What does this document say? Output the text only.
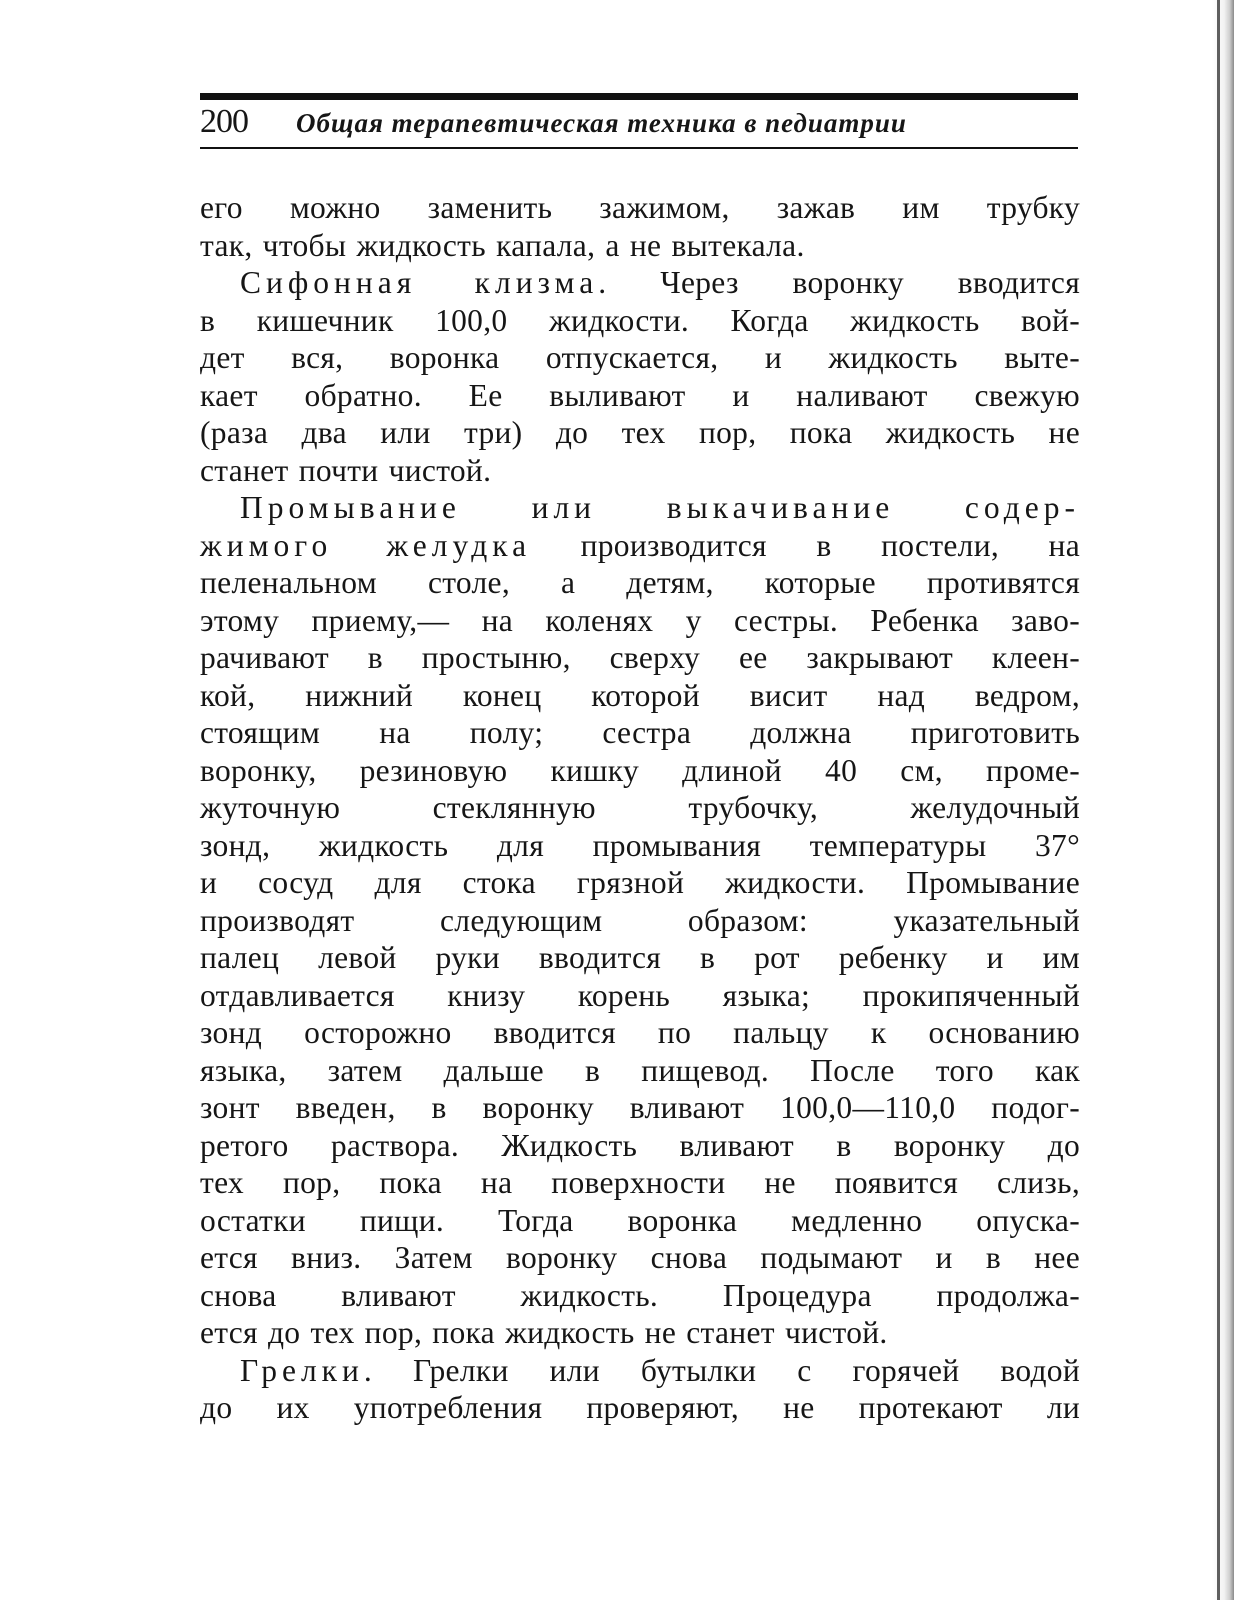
200	Общая терапевтическая техника в педиатрии
его можно заменить зажимом, зажав им трубку
так, чтобы жидкость капала, а не вытекала.
Сифонная клизма. Через воронку вводится
в кишечник 100,0 жидкости. Когда жидкость вой-
дет вся, воронка отпускается, и жидкость выте-
кает обратно. Ее выливают и наливают свежую
(раза два или три) до тех пор, пока жидкость не
станет почти чистой.
Промывание или выкачивание содер-
жимого желудка производится в постели, на
пеленальном столе, а детям, которые противятся
этому приему,— на коленях у сестры. Ребенка заво-
рачивают в простыню, сверху ее закрывают клеен-
кой, нижний конец которой висит над ведром,
стоящим на полу; сестра должна приготовить
воронку, резиновую кишку длиной 40 см, проме-
жуточную стеклянную трубочку, желудочный
зонд, жидкость для промывания температуры 37°
и сосуд для стока грязной жидкости. Промывание
производят следующим образом: указательный
палец левой руки вводится в рот ребенку и им
отдавливается книзу корень языка; прокипяченный
зонд осторожно вводится по пальцу к основанию
языка, затем дальше в пищевод. После того как
зонт введен, в воронку вливают 100,0—110,0 подог-
ретого раствора. Жидкость вливают в воронку до
тех пор, пока на поверхности не появится слизь,
остатки пищи. Тогда воронка медленно опуска-
ется вниз. Затем воронку снова подымают и в нее
снова вливают жидкость. Процедура продолжа-
ется до тех пор, пока жидкость не станет чистой.
Грелки. Грелки или бутылки с горячей водой
до их употребления проверяют, не протекают ли
